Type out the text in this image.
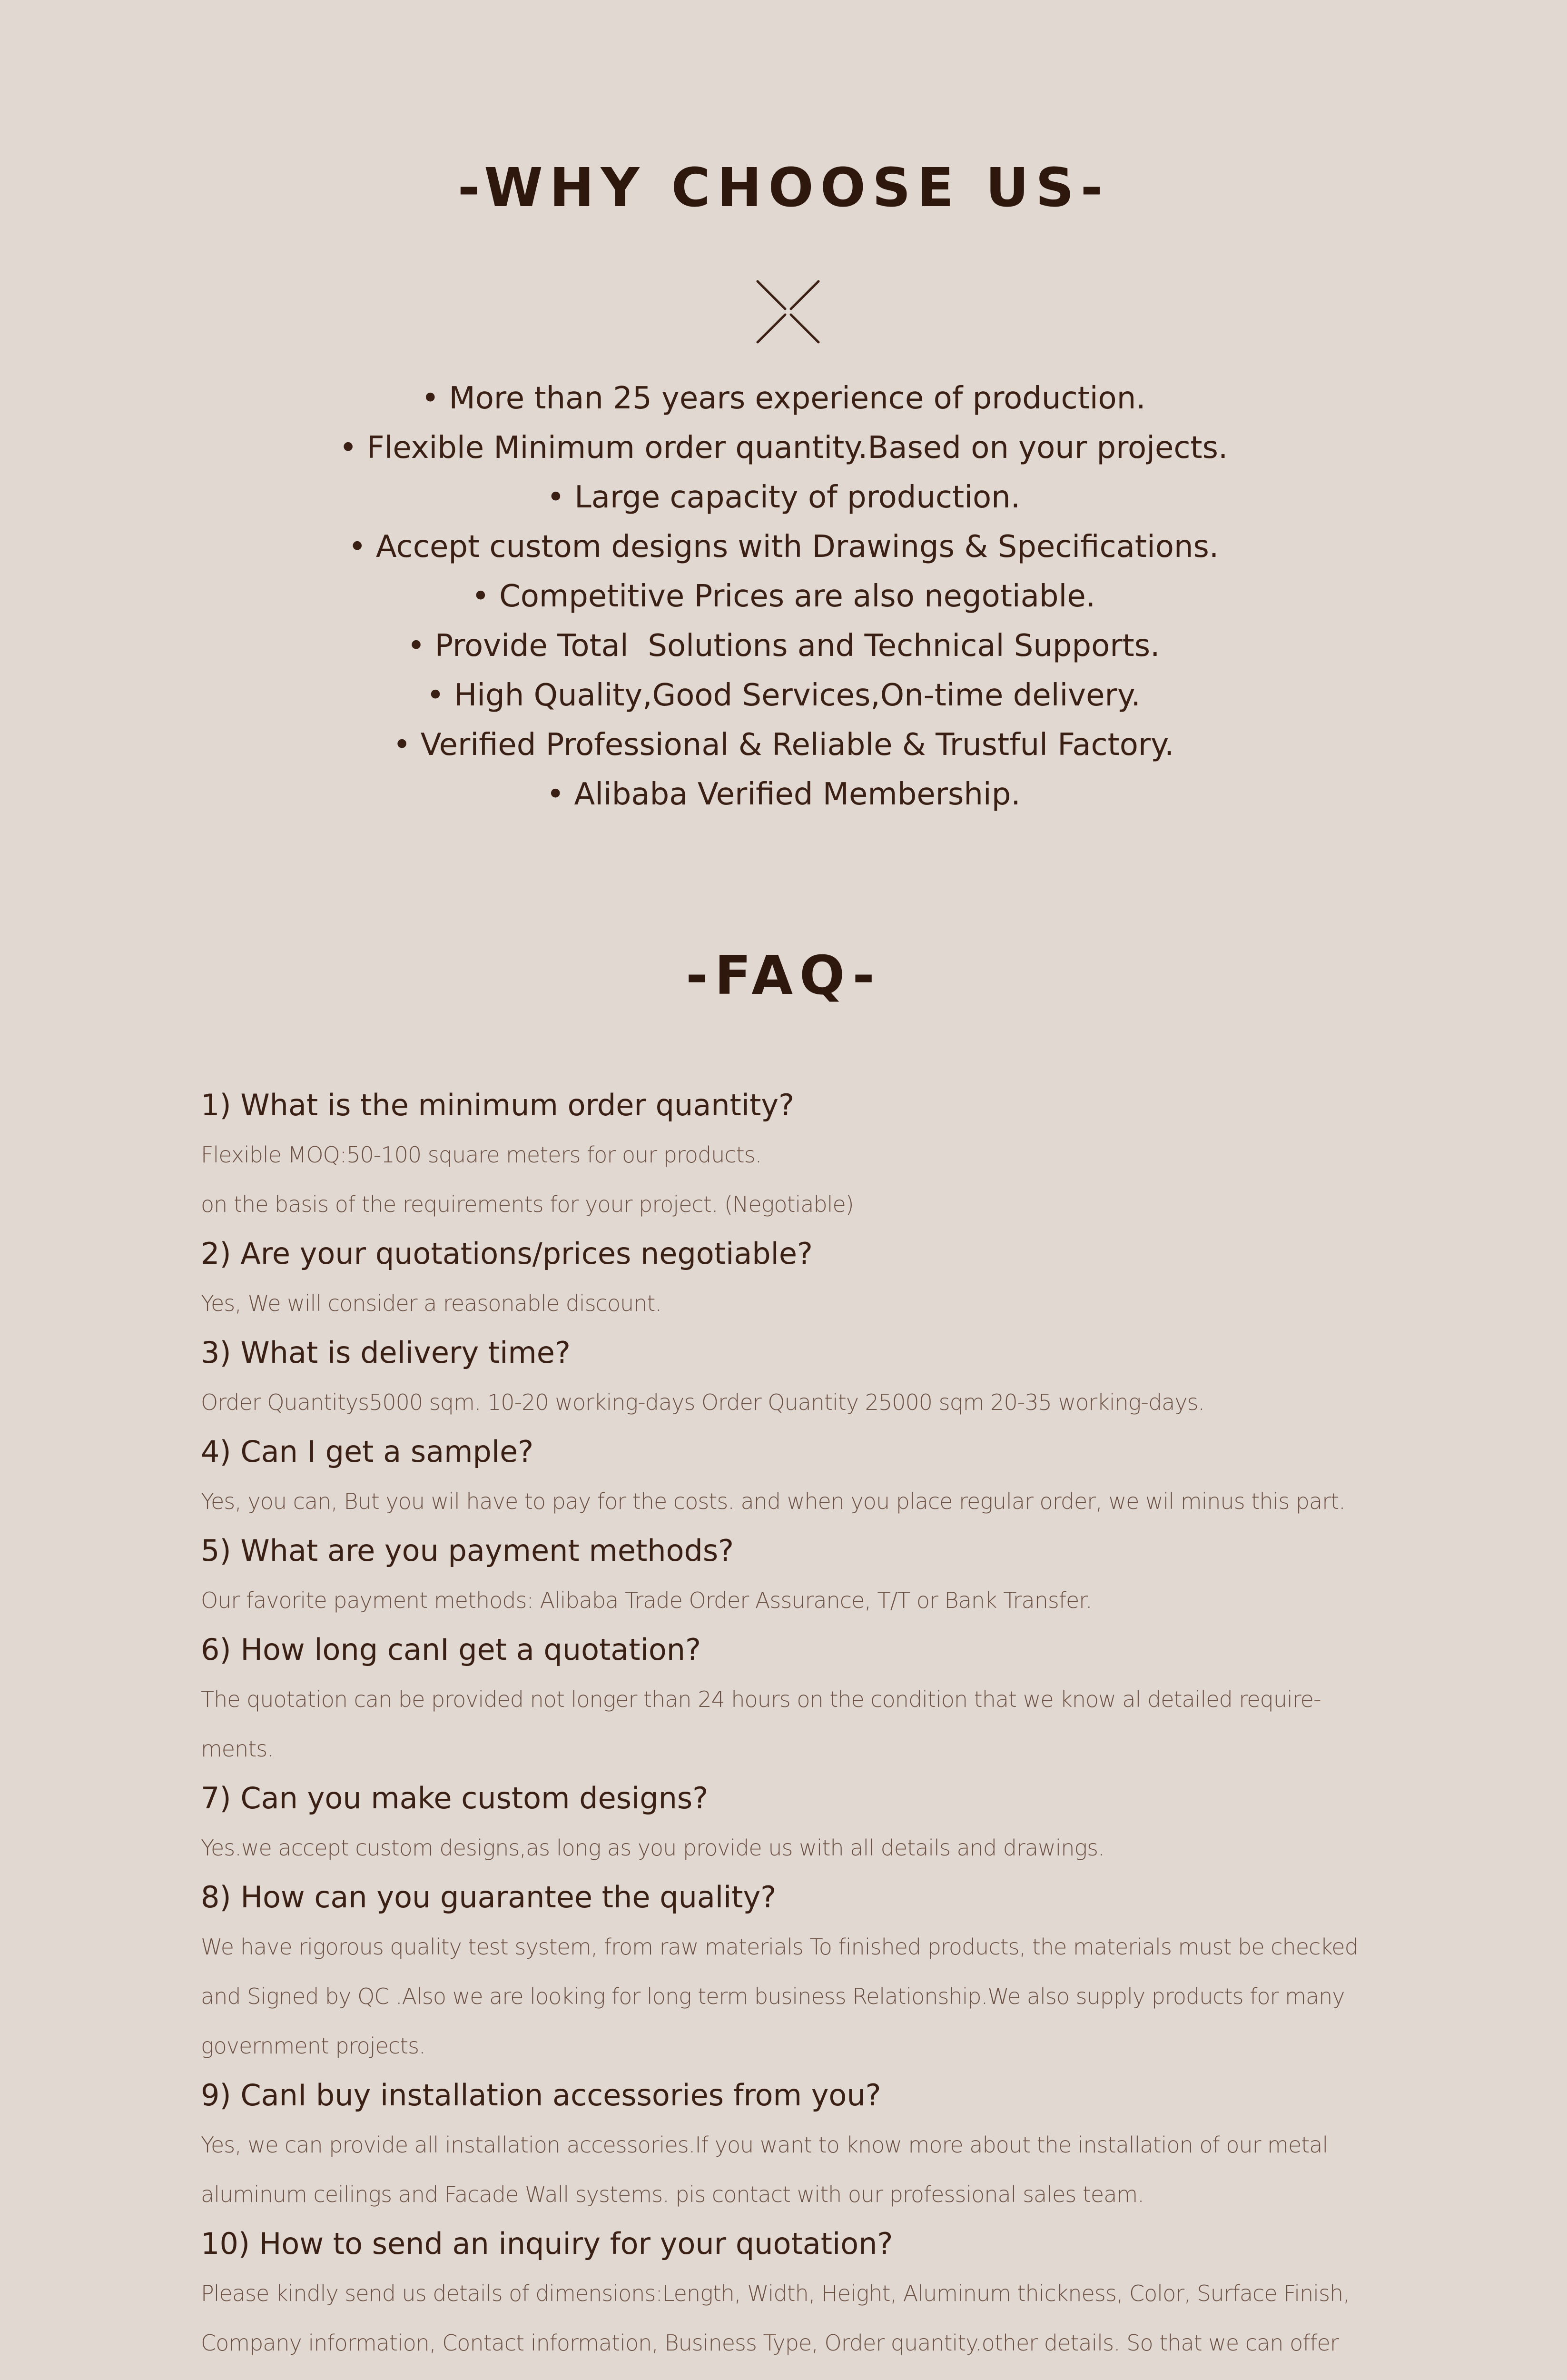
-WHY CHOOSE US-
• More than 25 years experience of production.
• Flexible Minimum order quantity.Based on your projects.
• Large capacity of production.
• Accept custom designs with Drawings & Specifications.
• Competitive Prices are also negotiable.
• Provide Total  Solutions and Technical Supports.
• High Quality,Good Services,On-time delivery.
• Verified Professional & Reliable & Trustful Factory.
• Alibaba Verified Membership.
-FAQ-
1) What is the minimum order quantity?
Flexible MOQ:50-100 square meters for our products.
on the basis of the requirements for your project. (Negotiable)
2) Are your quotations/prices negotiable?
Yes, We will consider a reasonable discount.
3) What is delivery time?
Order Quantitys5000 sqm. 10-20 working-days Order Quantity 25000 sqm 20-35 working-days.
4) Can I get a sample?
Yes, you can, But you wil have to pay for the costs. and when you place regular order, we wil minus this part.
5) What are you payment methods?
Our favorite payment methods: Alibaba Trade Order Assurance, T/T or Bank Transfer.
6) How long canI get a quotation?
The quotation can be provided not longer than 24 hours on the condition that we know al detailed require-
ments.
7) Can you make custom designs?
Yes.we accept custom designs,as long as you provide us with all details and drawings.
8) How can you guarantee the quality?
We have rigorous quality test system, from raw materials To finished products, the materials must be checked
and Signed by QC .Also we are looking for long term business Relationship.We also supply products for many
government projects.
9) CanI buy installation accessories from you?
Yes, we can provide all installation accessories.If you want to know more about the installation of our metal
aluminum ceilings and Facade Wall systems. pis contact with our professional sales team.
10) How to send an inquiry for your quotation?
Please kindly send us details of dimensions:Length, Width, Height, Aluminum thickness, Color, Surface Finish,
Company information, Contact information, Business Type, Order quantity.other details. So that we can offer
